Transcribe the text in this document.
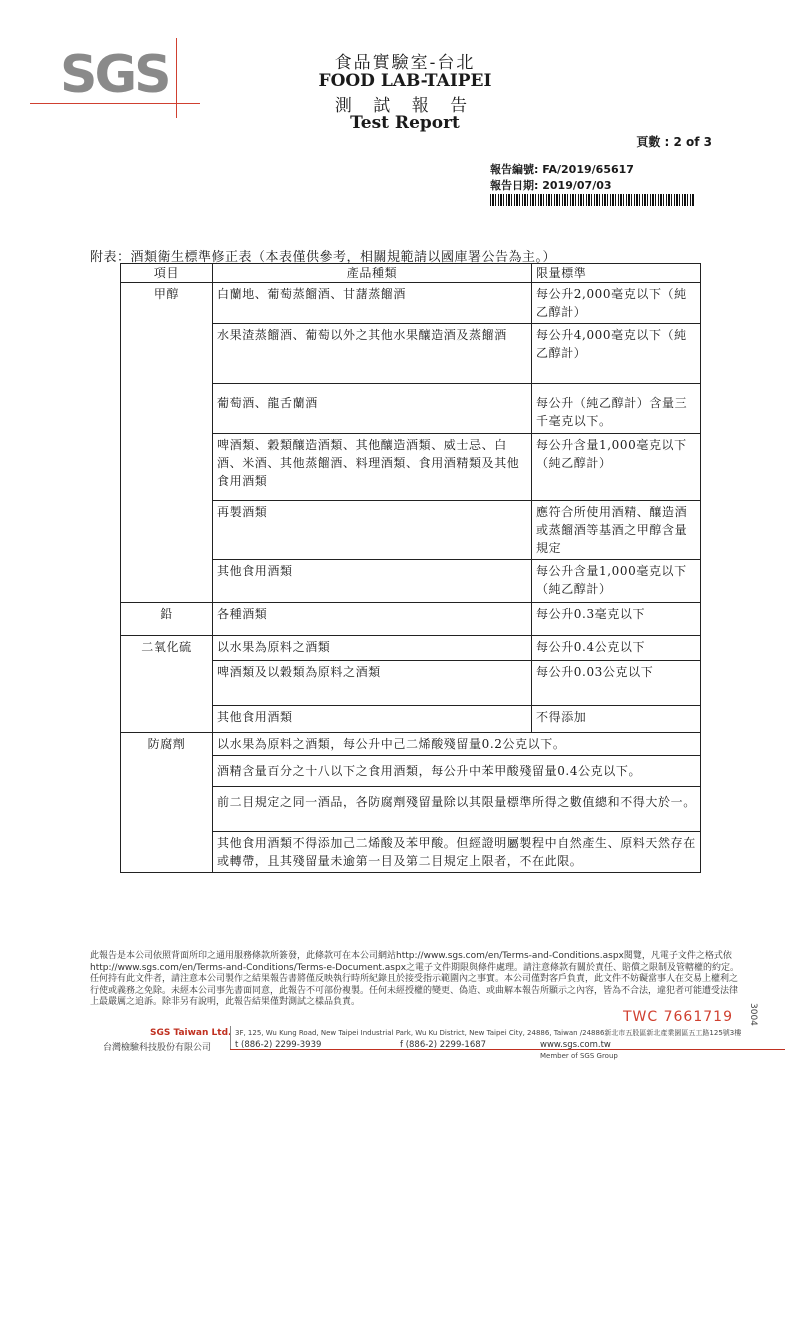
SGS	食品實驗室-台北
FOOD LAB-TAIPEI
測 試 報 告
Test Report
頁數 : 2 of 3
報告編號: FA/2019/65617
報告日期: 2019/07/03
附表：酒類衛生標準修正表（本表僅供參考，相關規範請以國庫署公告為主。）
項目	產品種類	限量標準
甲醇	白蘭地、葡萄蒸餾酒、甘藷蒸餾酒	每公升2,000毫克以下（純乙醇計）
	水果渣蒸餾酒、葡萄以外之其他水果釀造酒及蒸餾酒	每公升4,000毫克以下（純乙醇計）
	葡萄酒、龍舌蘭酒	每公升（純乙醇計）含量三千毫克以下。
	啤酒類、穀類釀造酒類、其他釀造酒類、威士忌、白酒、米酒、其他蒸餾酒、料理酒類、食用酒精類及其他食用酒類	每公升含量1,000毫克以下（純乙醇計）
	再製酒類	應符合所使用酒精、釀造酒或蒸餾酒等基酒之甲醇含量規定
	其他食用酒類	每公升含量1,000毫克以下（純乙醇計）
鉛	各種酒類	每公升0.3毫克以下
二氧化硫	以水果為原料之酒類	每公升0.4公克以下
	啤酒類及以穀類為原料之酒類	每公升0.03公克以下
	其他食用酒類	不得添加
防腐劑	以水果為原料之酒類，每公升中己二烯酸殘留量0.2公克以下。	
	酒精含量百分之十八以下之食用酒類，每公升中苯甲酸殘留量0.4公克以下。	
	前二目規定之同一酒品，各防腐劑殘留量除以其限量標準所得之數值總和不得大於一。	
	其他食用酒類不得添加己二烯酸及苯甲酸。但經證明屬製程中自然產生、原料天然存在或轉帶，且其殘留量未逾第一目及第二目規定上限者，不在此限。	
此報告是本公司依照背面所印之通用服務條款所簽發，此條款可在本公司網站http://www.sgs.com/en/Terms-and-Conditions.aspx閱覽，凡電子文件之格式依http://www.sgs.com/en/Terms-and-Conditions/Terms-e-Document.aspx之電子文件期限與條件處理。請注意條款有關於責任、賠償之限制及管轄權的約定。任何持有此文件者，請注意本公司製作之結果報告書將僅反映執行時所紀錄且於接受指示範圍內之事實。本公司僅對客戶負責，此文件不妨礙當事人在交易上權利之行使或義務之免除。未經本公司事先書面同意，此報告不可部份複製。任何未經授權的變更、偽造、或曲解本報告所顯示之內容，皆為不合法，違犯者可能遭受法律上最嚴厲之追訴。除非另有說明，此報告結果僅對測試之樣品負責。
TWC 7661719 3004
SGS Taiwan Ltd.
台灣檢驗科技股份有限公司
3F, 125, Wu Kung Road, New Taipei Industrial Park, Wu Ku District, New Taipei City, 24886, Taiwan /24886新北市五股區新北產業園區五工路125號3樓
t (886-2) 2299-3939	f (886-2) 2299-1687	www.sgs.com.tw
Member of SGS Group
